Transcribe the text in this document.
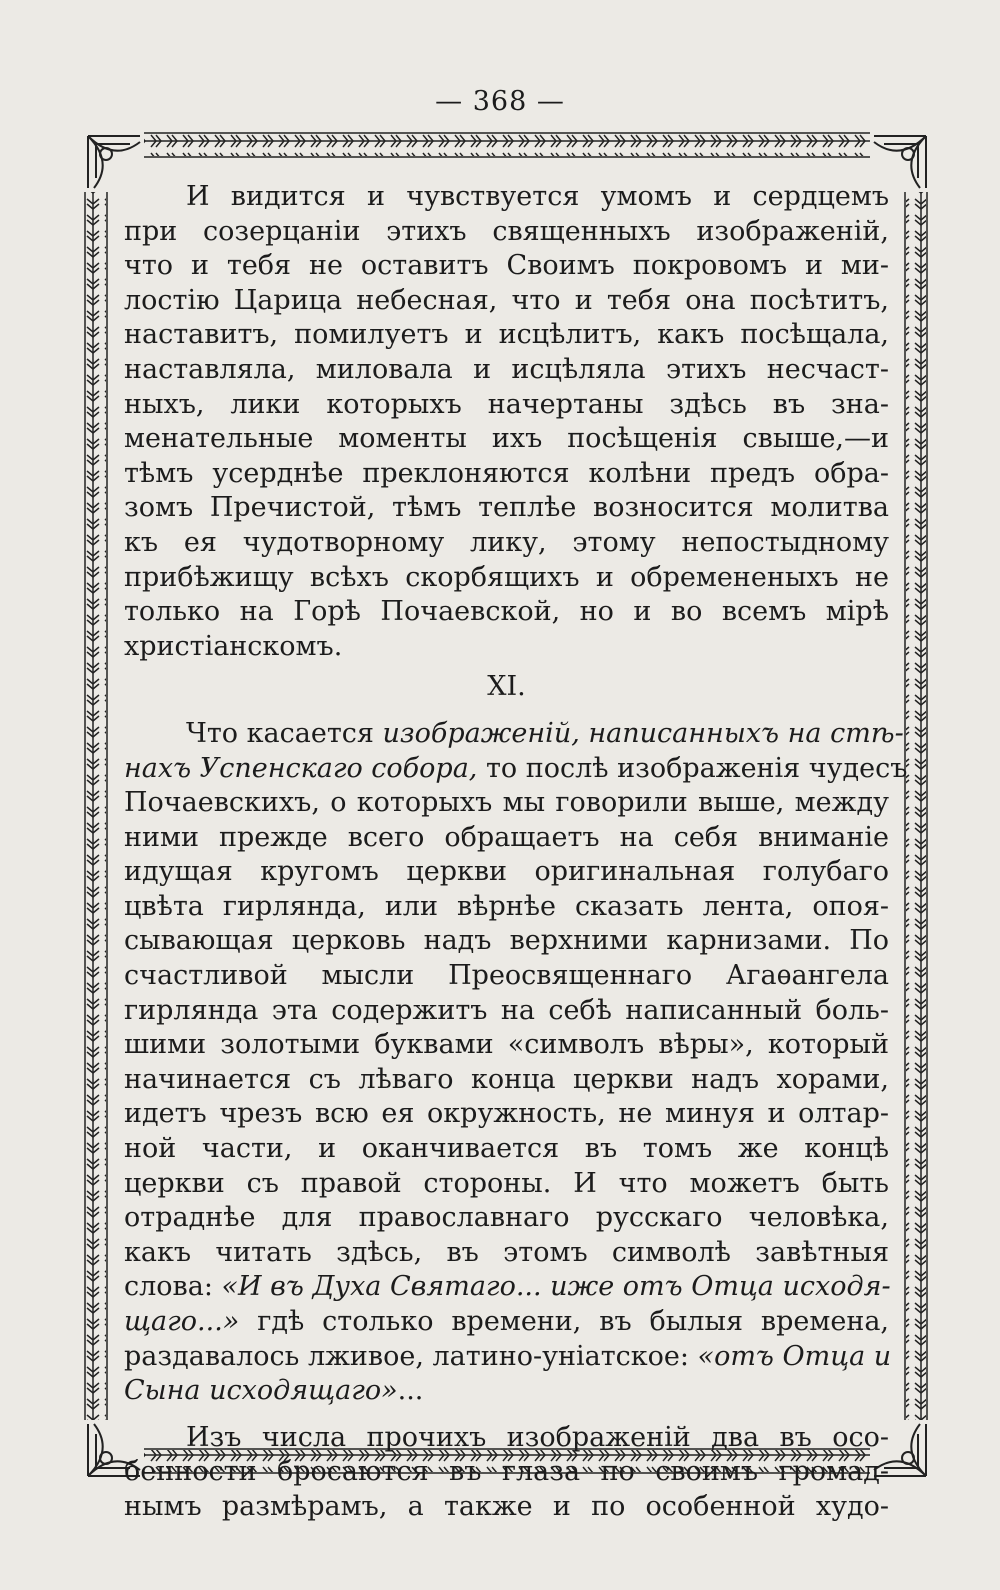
— 368 —
И видится и чувствуется умомъ и сердцемъ
при созерцаніи этихъ священныхъ изображеній,
что и тебя не оставитъ Своимъ покровомъ и ми-
лостію Царица небесная, что и тебя она посѣтитъ,
наставитъ, помилуетъ и исцѣлитъ, какъ посѣщала,
наставляла, миловала и исцѣляла этихъ несчаст-
ныхъ, лики которыхъ начертаны здѣсь въ зна-
менательные моменты ихъ посѣщенія свыше,—и
тѣмъ усерднѣе преклоняются колѣни предъ обра-
зомъ Пречистой, тѣмъ теплѣе возносится молитва
къ ея чудотворному лику, этому непостыдному
прибѣжищу всѣхъ скорбящихъ и обремененыхъ не
только на Горѣ Почаевской, но и во всемъ мірѣ
христіанскомъ.
XI.
Что касается изображеній, написанныхъ на стѣ-
нахъ Успенскаго собора, то послѣ изображенія чудесъ
Почаевскихъ, о которыхъ мы говорили выше, между
ними прежде всего обращаетъ на себя вниманіе
идущая кругомъ церкви оригинальная голубаго
цвѣта гирлянда, или вѣрнѣе сказать лента, опоя-
сывающая церковь надъ верхними карнизами. По
счастливой мысли Преосвященнаго Агаѳангела
гирлянда эта содержитъ на себѣ написанный боль-
шими золотыми буквами «символъ вѣры», который
начинается съ лѣваго конца церкви надъ хорами,
идетъ чрезъ всю ея окружность, не минуя и олтар-
ной части, и оканчивается въ томъ же концѣ
церкви съ правой стороны. И что можетъ быть
отраднѣе для православнаго русскаго человѣка,
какъ читать здѣсь, въ этомъ символѣ завѣтныя
слова: «И въ Духа Святаго... иже отъ Отца исходя-
щаго...» гдѣ столько времени, въ былыя времена,
раздавалось лживое, латино-уніатское: «отъ Отца и
Сына исходящаго»...
Изъ числа прочихъ изображеній два въ осо-
бенности бросаются въ глаза по своимъ громад-
нымъ размѣрамъ, а также и по особенной худо-
